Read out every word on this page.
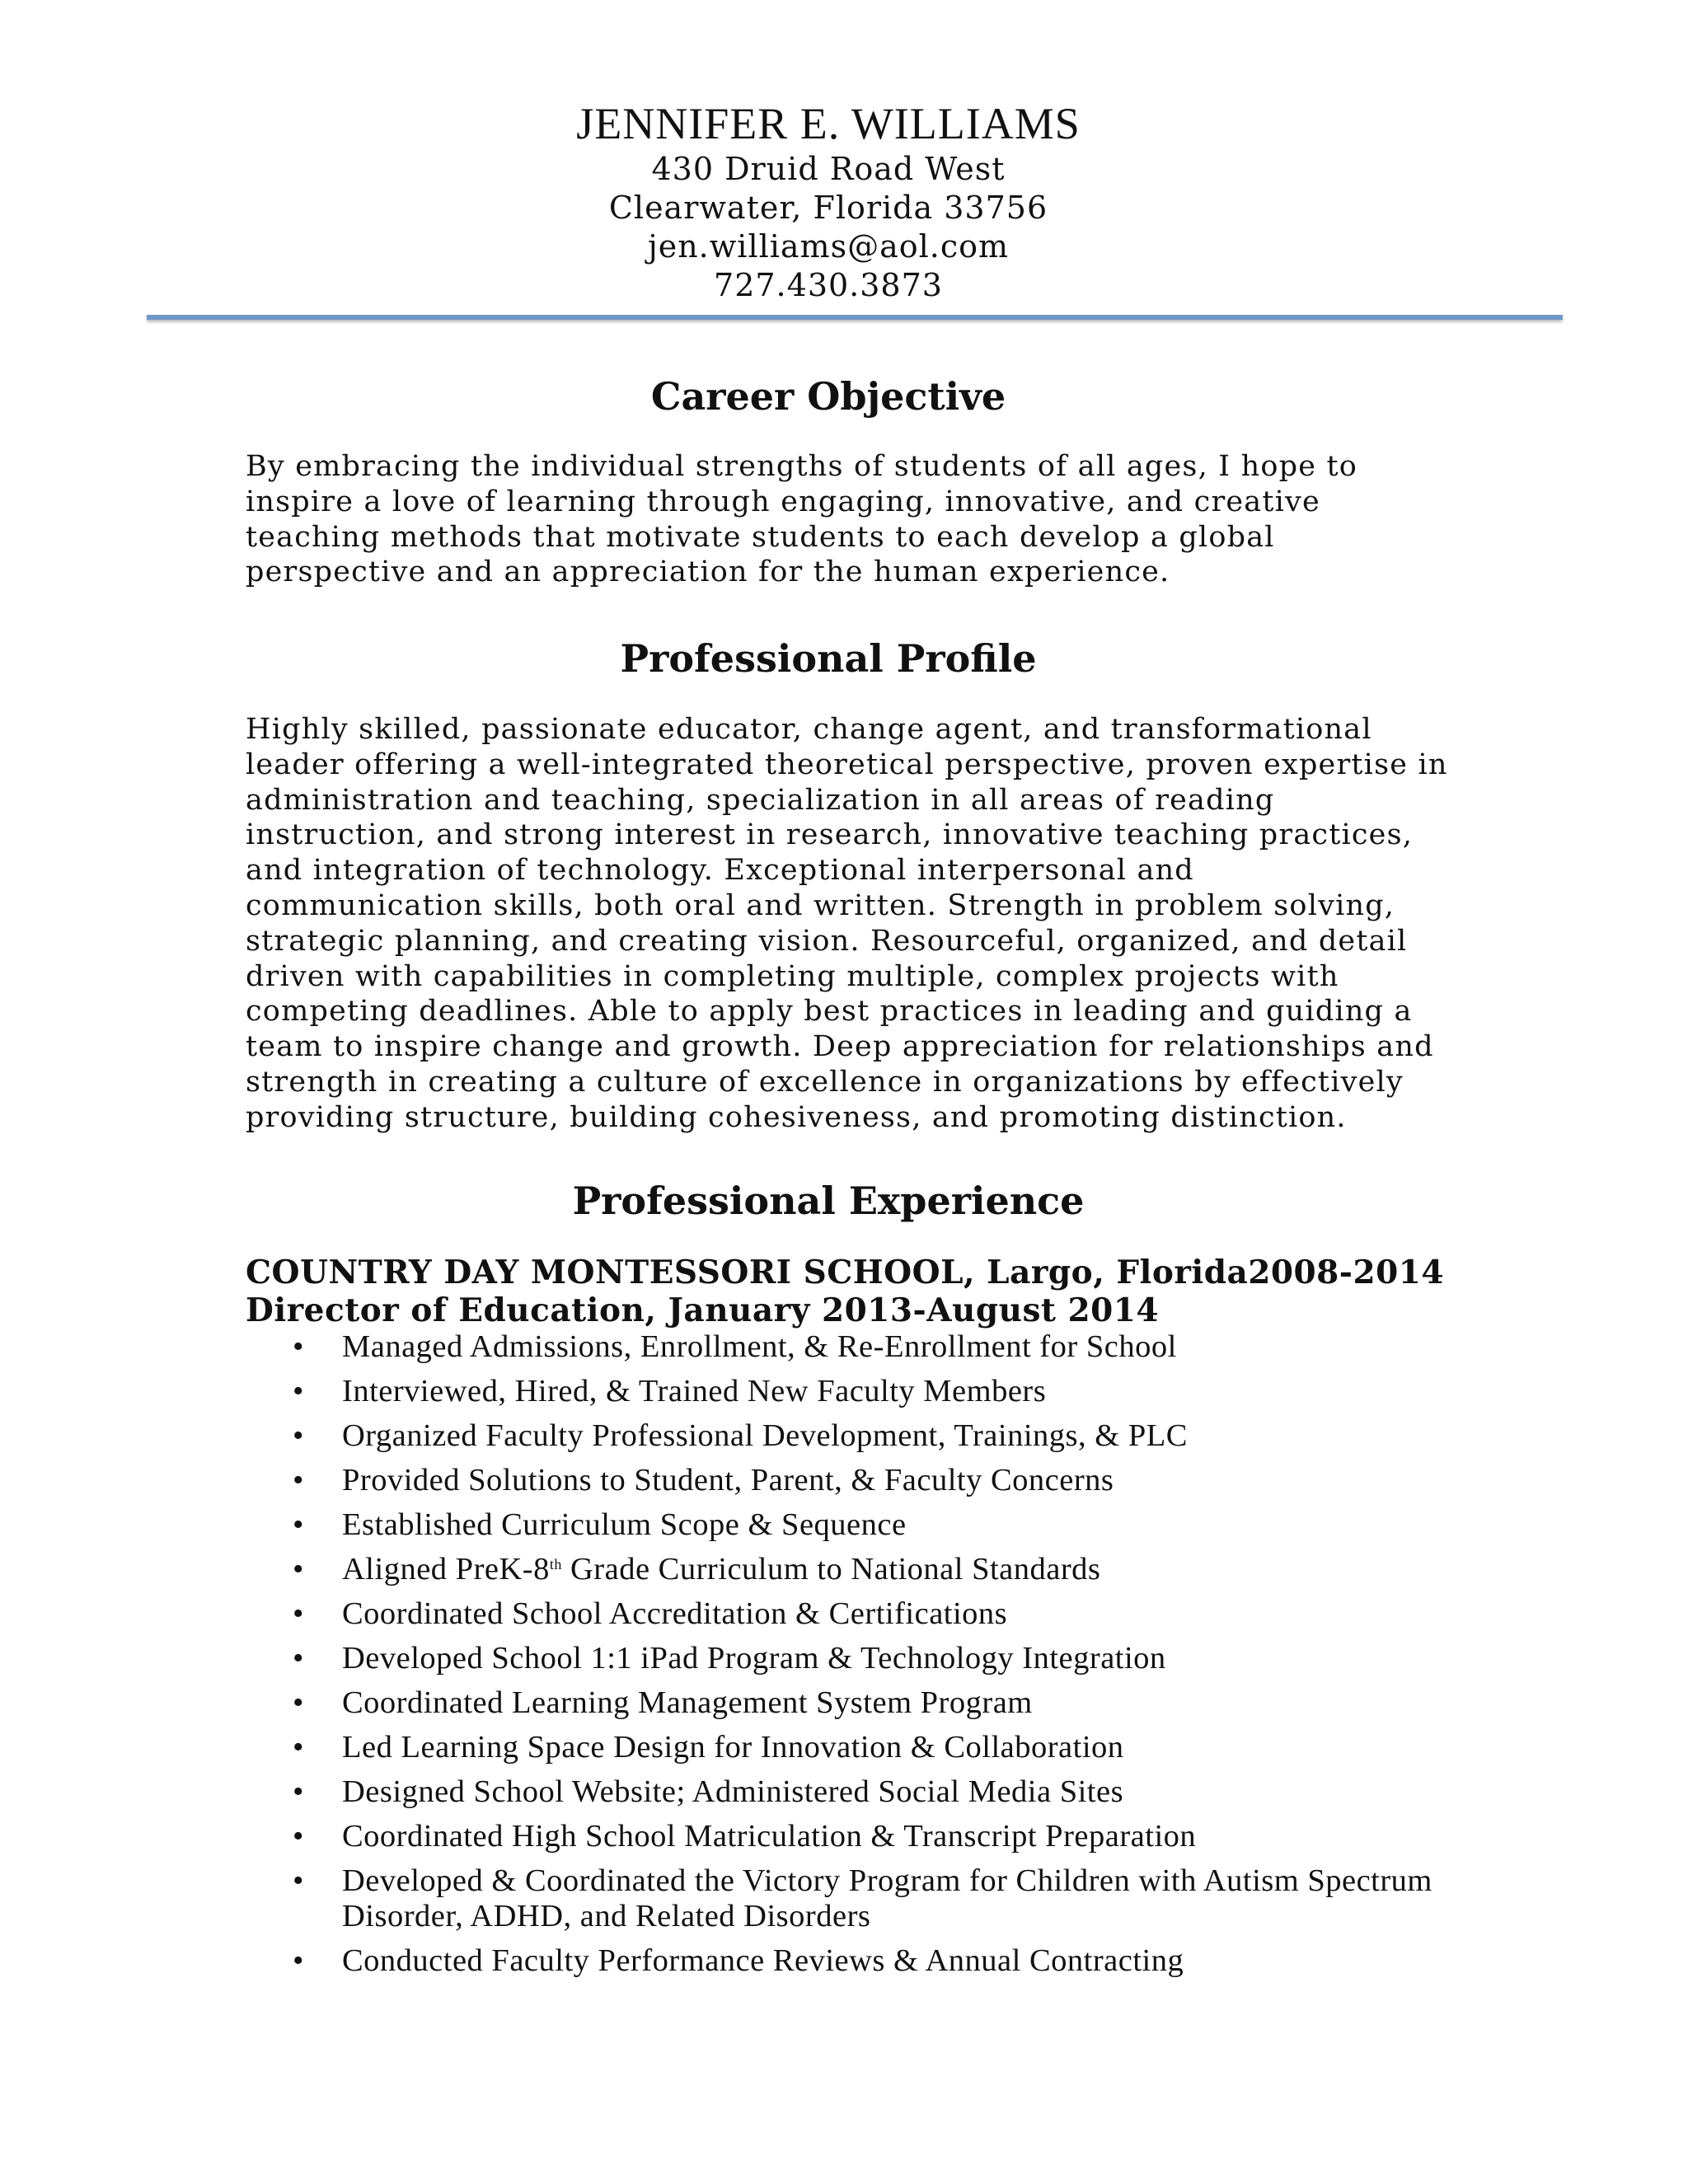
JENNIFER E. WILLIAMS
430 Druid Road West
Clearwater, Florida 33756
jen.williams@aol.com
727.430.3873
Career Objective
By embracing the individual strengths of students of all ages, I hope to
inspire a love of learning through engaging, innovative, and creative
teaching methods that motivate students to each develop a global
perspective and an appreciation for the human experience.
Professional Profile
Highly skilled, passionate educator, change agent, and transformational
leader offering a well-integrated theoretical perspective, proven expertise in
administration and teaching, specialization in all areas of reading
instruction, and strong interest in research, innovative teaching practices,
and integration of technology. Exceptional interpersonal and
communication skills, both oral and written. Strength in problem solving,
strategic planning, and creating vision. Resourceful, organized, and detail
driven with capabilities in completing multiple, complex projects with
competing deadlines. Able to apply best practices in leading and guiding a
team to inspire change and growth. Deep appreciation for relationships and
strength in creating a culture of excellence in organizations by effectively
providing structure, building cohesiveness, and promoting distinction.
Professional Experience
COUNTRY DAY MONTESSORI SCHOOL, Largo, Florida 2008-2014
Director of Education, January 2013-August 2014
•	Managed Admissions, Enrollment, & Re-Enrollment for School
•	Interviewed, Hired, & Trained New Faculty Members
•	Organized Faculty Professional Development, Trainings, & PLC
•	Provided Solutions to Student, Parent, & Faculty Concerns
•	Established Curriculum Scope & Sequence
•	Aligned PreK-8th Grade Curriculum to National Standards
•	Coordinated School Accreditation & Certifications
•	Developed School 1:1 iPad Program & Technology Integration
•	Coordinated Learning Management System Program
•	Led Learning Space Design for Innovation & Collaboration
•	Designed School Website; Administered Social Media Sites
•	Coordinated High School Matriculation & Transcript Preparation
•	Developed & Coordinated the Victory Program for Children with Autism Spectrum Disorder, ADHD, and Related Disorders
•	Conducted Faculty Performance Reviews & Annual Contracting
